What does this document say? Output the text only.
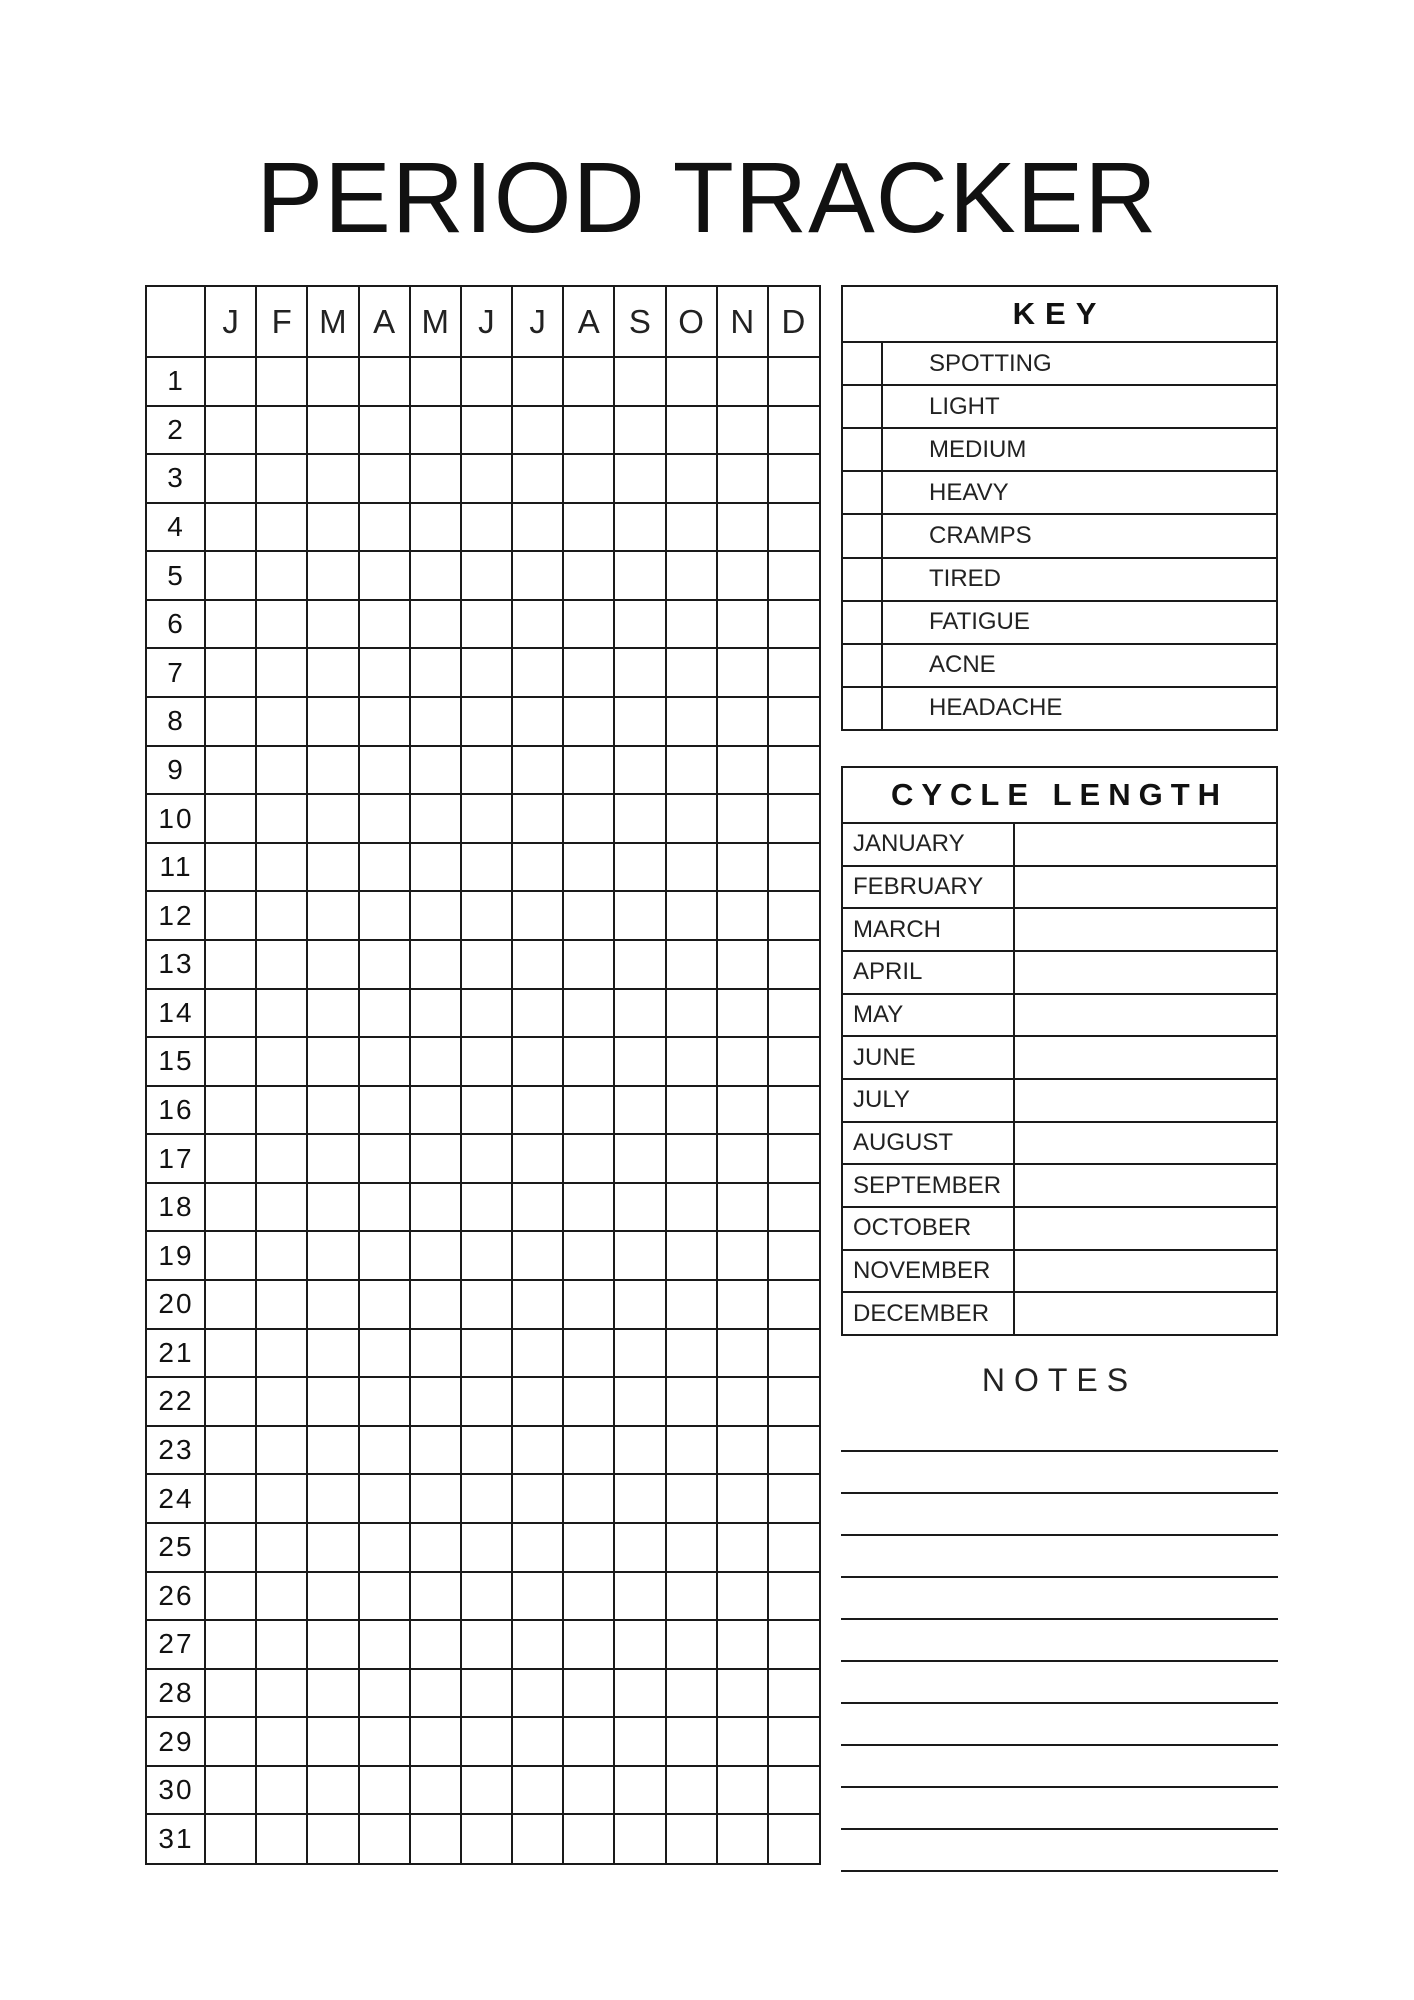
PERIOD TRACKER
J F M A M J	J A S O N D
1
2
3
4
5
6
7
8
9
10
11
12
13
14
15
16
17
18
19
20
21
22
23
24
25
26
27
28
29
30
31
KEY
SPOTTING
LIGHT
MEDIUM
HEAVY
CRAMPS
TIRED
FATIGUE
ACNE
HEADACHE
CYCLE LENGTH
JANUARY
FEBRUARY
MARCH
APRIL
MAY
JUNE
JULY
AUGUST
SEPTEMBER
OCTOBER
NOVEMBER
DECEMBER
NOTES
